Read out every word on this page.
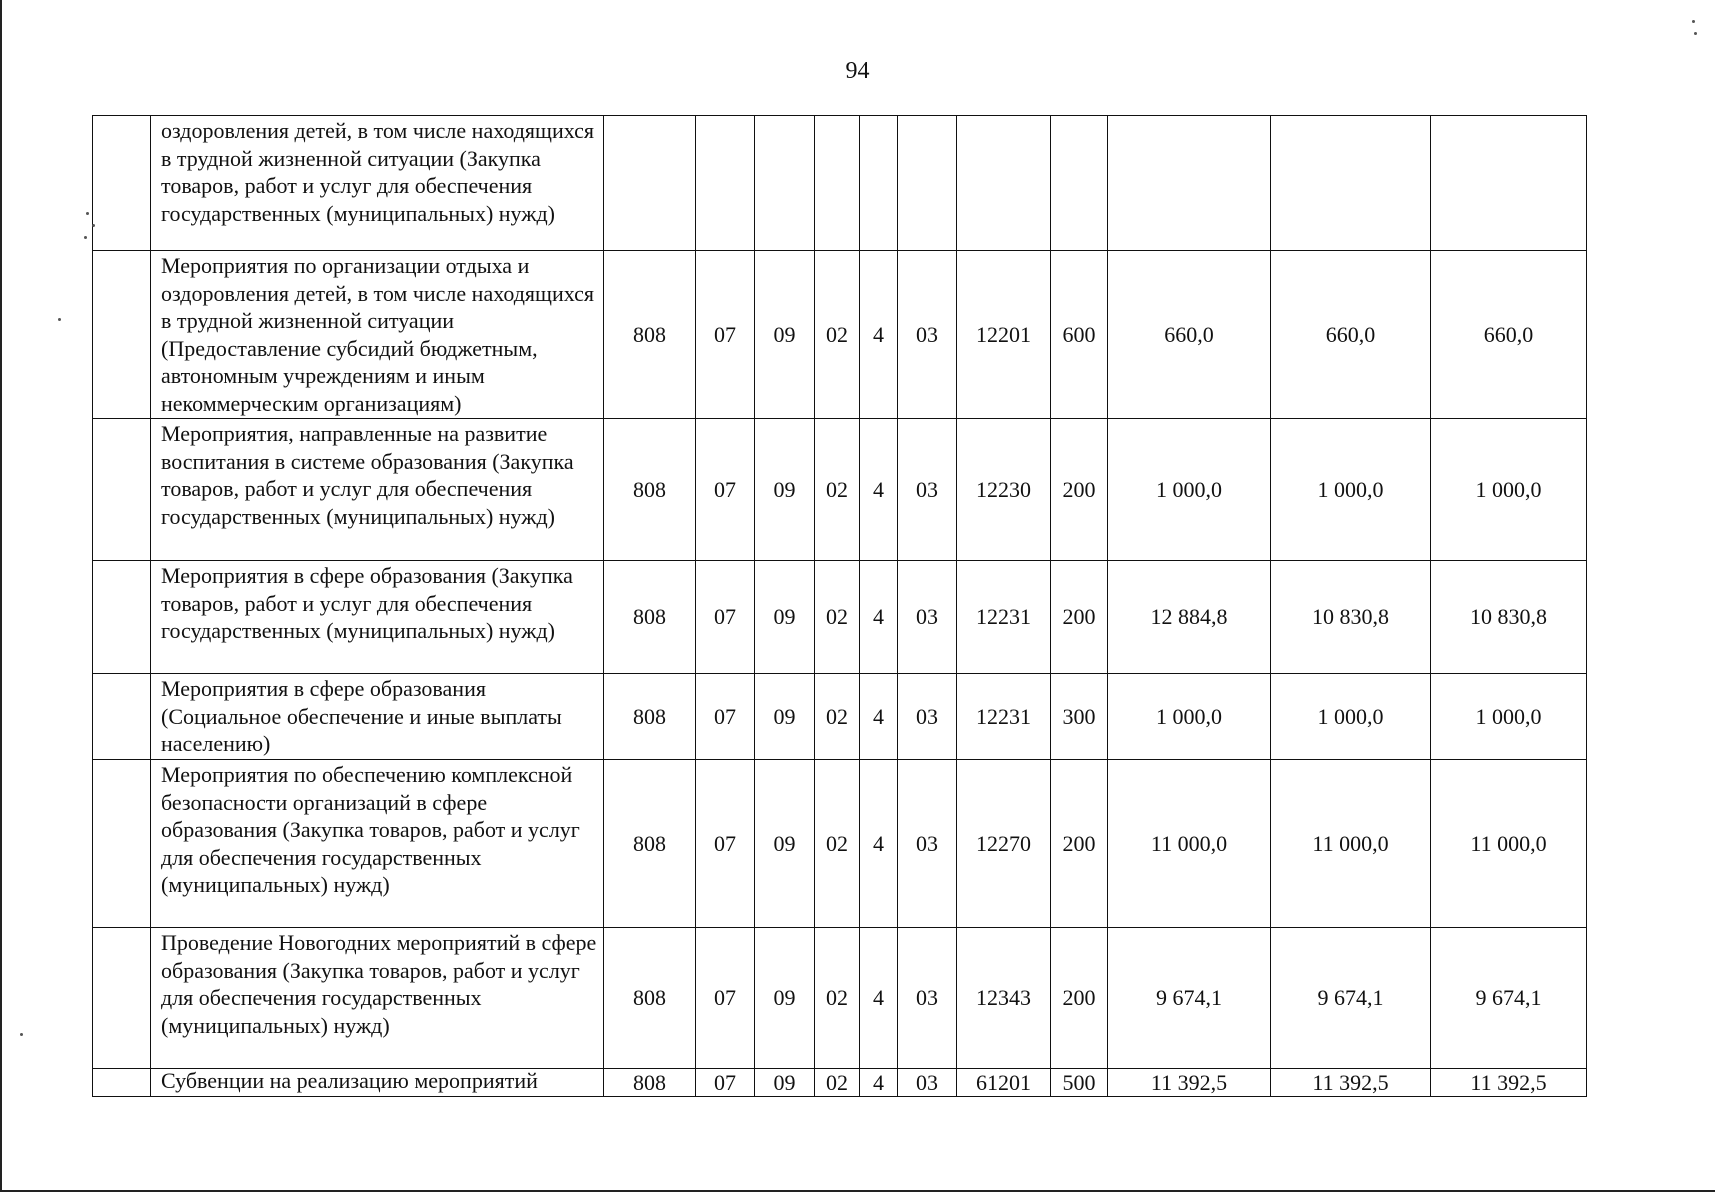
94
	оздоровления детей, в том числе находящихся в трудной жизненной ситуации (Закупка товаров, работ и услуг для обеспечения государственных (муниципальных) нужд)											
	Мероприятия по организации отдыха и оздоровления детей, в том числе находящихся в трудной жизненной ситуации (Предоставление субсидий бюджетным, автономным учреждениям и иным некоммерческим организациям)	808	07	09	02	4	03	12201	600	660,0	660,0	660,0
	Мероприятия, направленные на развитие воспитания в системе образования (Закупка товаров, работ и услуг для обеспечения государственных (муниципальных) нужд)	808	07	09	02	4	03	12230	200	1 000,0	1 000,0	1 000,0
	Мероприятия в сфере образования (Закупка товаров, работ и услуг для обеспечения государственных (муниципальных) нужд)	808	07	09	02	4	03	12231	200	12 884,8	10 830,8	10 830,8
	Мероприятия в сфере образования (Социальное обеспечение и иные выплаты населению)	808	07	09	02	4	03	12231	300	1 000,0	1 000,0	1 000,0
	Мероприятия по обеспечению комплексной безопасности организаций в сфере образования (Закупка товаров, работ и услуг для обеспечения государственных (муниципальных) нужд)	808	07	09	02	4	03	12270	200	11 000,0	11 000,0	11 000,0
	Проведение Новогодних мероприятий в сфере образования (Закупка товаров, работ и услуг для обеспечения государственных (муниципальных) нужд)	808	07	09	02	4	03	12343	200	9 674,1	9 674,1	9 674,1
	Субвенции на реализацию мероприятий	808	07	09	02	4	03	61201	500	11 392,5	11 392,5	11 392,5
